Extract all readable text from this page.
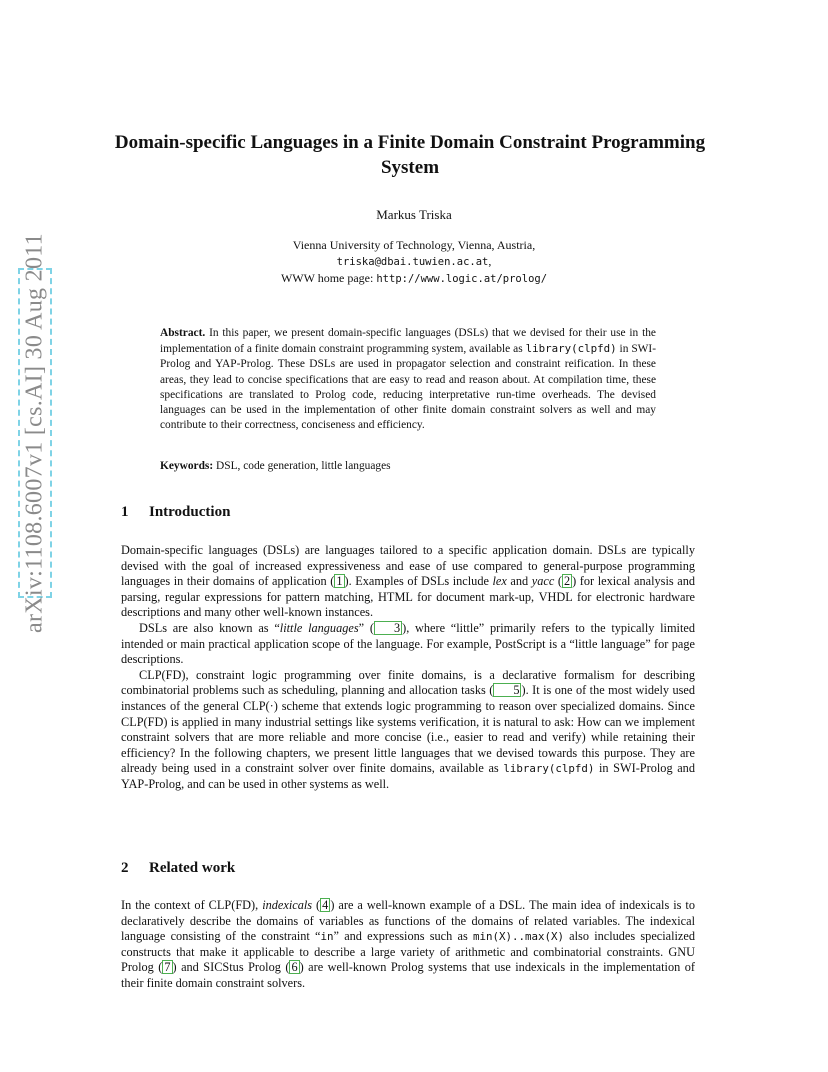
arXiv:1108.6007v1 [cs.AI] 30 Aug 2011
Domain-specific Languages in a Finite Domain Constraint Programming System
Markus Triska
Vienna University of Technology, Vienna, Austria,
triska@dbai.tuwien.ac.at,
WWW home page: http://www.logic.at/prolog/
Abstract. In this paper, we present domain-specific languages (DSLs) that we devised for their use in the implementation of a finite domain constraint programming system, available as library(clpfd) in SWI-Prolog and YAP-Prolog. These DSLs are used in propagator selection and constraint reification. In these areas, they lead to concise specifications that are easy to read and reason about. At compilation time, these specifications are translated to Prolog code, reducing interpretative run-time overheads. The devised languages can be used in the implementation of other finite domain constraint solvers as well and may contribute to their correctness, conciseness and efficiency.
Keywords: DSL, code generation, little languages
1 Introduction

Domain-specific languages (DSLs) are languages tailored to a specific application domain. DSLs are typically devised with the goal of increased expressiveness and ease of use compared to general-purpose programming languages in their domains of application ( 1 ). Examples of DSLs include lex and yacc ( 2 ) for lexical analysis and parsing, regular expressions for pattern matching, HTML for document mark-up, VHDL for electronic hardware descriptions and many other well-known instances.

DSLs are also known as “little languages” ( 3 ), where “little” primarily refers to the typically limited intended or main practical application scope of the language. For example, PostScript is a “little language” for page descriptions.

CLP(FD), constraint logic programming over finite domains, is a declarative formalism for describing combinatorial problems such as scheduling, planning and allocation tasks ( 5 ). It is one of the most widely used instances of the general CLP(·) scheme that extends logic programming to reason over specialized domains. Since CLP(FD) is applied in many industrial settings like systems verification, it is natural to ask: How can we implement constraint solvers that are more reliable and more concise (i.e., easier to read and verify) while retaining their efficiency? In the following chapters, we present little languages that we devised towards this purpose. They are already being used in a constraint solver over finite domains, available as library(clpfd) in SWI-Prolog and YAP-Prolog, and can be used in other systems as well.

2 Related work

In the context of CLP(FD), indexicals ( 4 ) are a well-known example of a DSL. The main idea of indexicals is to declaratively describe the domains of variables as functions of the domains of related variables. The indexical language consisting of the constraint “in” and expressions such as min(X)..max(X) also includes specialized constructs that make it applicable to describe a large variety of arithmetic and combinatorial constraints. GNU Prolog ( 7 ) and SICStus Prolog ( 6 ) are well-known Prolog systems that use indexicals in the implementation of their finite domain constraint solvers.
